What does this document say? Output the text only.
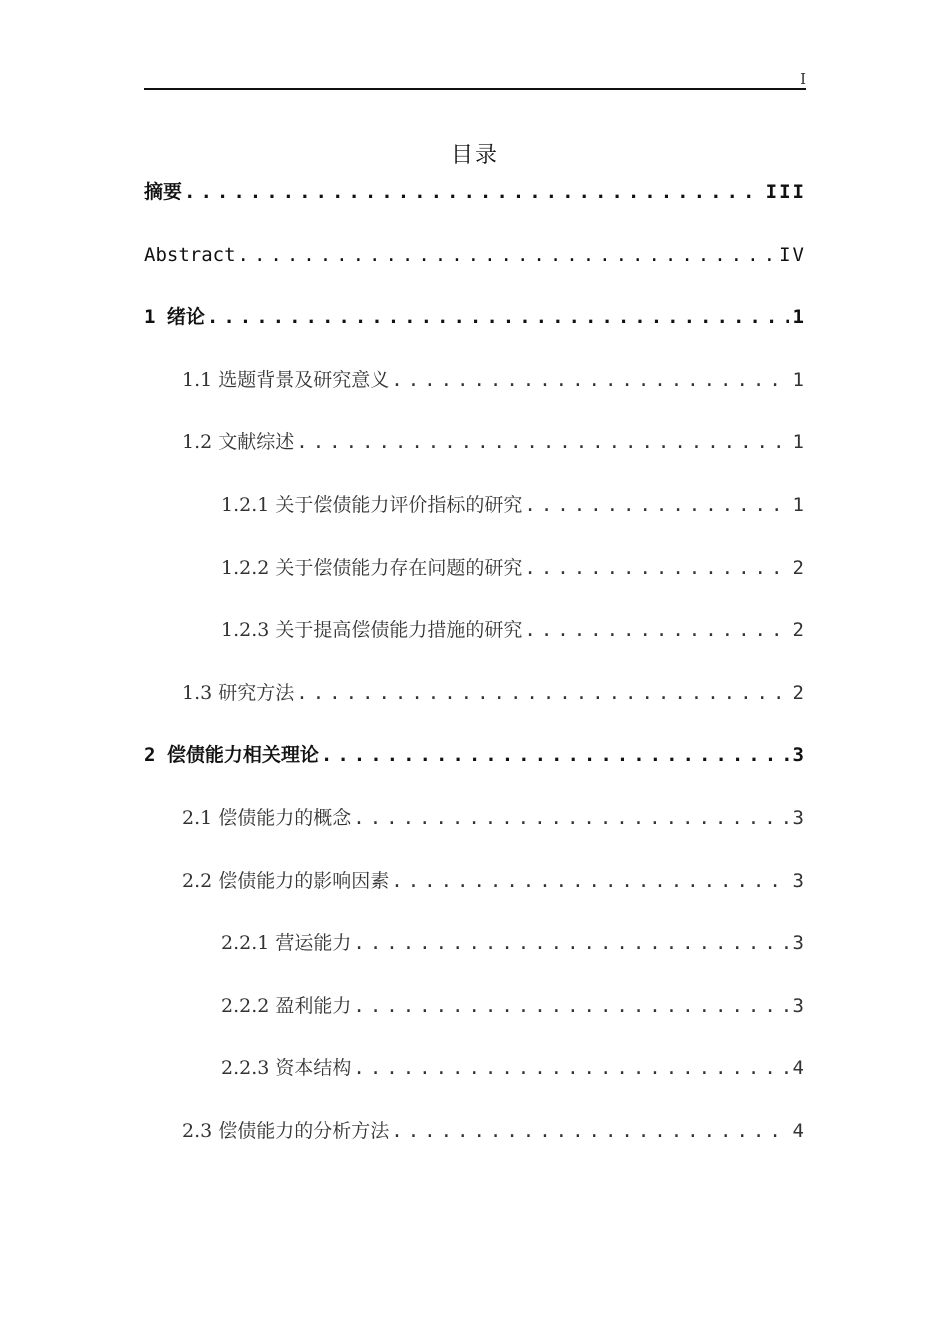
I
目录
摘要 .....	III
Abstract .....	IV
1 绪论 .....	1
1.1 选题背景及研究意义 .....	1
1.2 文献综述 .....	1
1.2.1 关于偿债能力评价指标的研究 .....	1
1.2.2 关于偿债能力存在问题的研究 .....	2
1.2.3 关于提高偿债能力措施的研究 .....	2
1.3 研究方法 .....	2
2 偿债能力相关理论 .....	3
2.1 偿债能力的概念 .....	3
2.2 偿债能力的影响因素 .....	3
2.2.1 营运能力 .....	3
2.2.2 盈利能力 .....	3
2.2.3 资本结构 .....	4
2.3 偿债能力的分析方法 .....	4
